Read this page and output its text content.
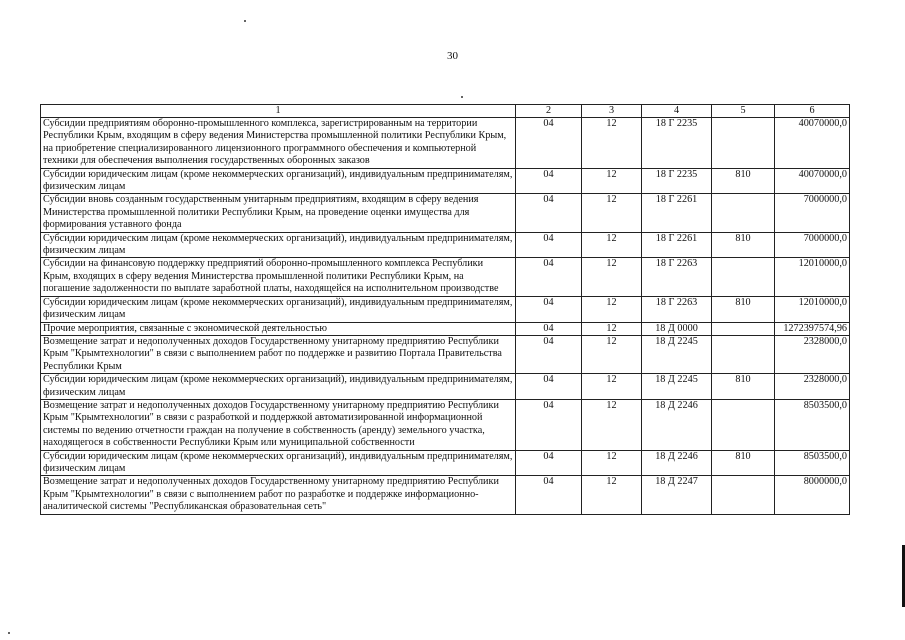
30
1	2	3	4	5	6
Субсидии предприятиям оборонно-промышленного комплекса, зарегистрированным на территории Республики Крым, входящим в сферу ведения Министерства промышленной политики Республики Крым, на приобретение специализированного лицензионного программного обеспечения и компьютерной техники для обеспечения выполнения государственных оборонных заказов	04	12	18 Г 2235		40070000,0
Субсидии юридическим лицам (кроме некоммерческих организаций), индивидуальным предпринимателям, физическим лицам	04	12	18 Г 2235	810	40070000,0
Субсидии вновь созданным государственным унитарным предприятиям, входящим в сферу ведения Министерства промышленной политики Республики Крым, на проведение оценки имущества для формирования уставного фонда	04	12	18 Г 2261		7000000,0
Субсидии юридическим лицам (кроме некоммерческих организаций), индивидуальным предпринимателям, физическим лицам	04	12	18 Г 2261	810	7000000,0
Субсидии на финансовую поддержку предприятий оборонно-промышленного комплекса Республики Крым, входящих в сферу ведения Министерства промышленной политики Республики Крым, на погашение задолженности по выплате заработной платы, находящейся на исполнительном производстве	04	12	18 Г 2263		12010000,0
Субсидии юридическим лицам (кроме некоммерческих организаций), индивидуальным предпринимателям, физическим лицам	04	12	18 Г 2263	810	12010000,0
Прочие мероприятия, связанные с экономической деятельностью	04	12	18 Д 0000		1272397574,96
Возмещение затрат и недополученных доходов Государственному унитарному предприятию Республики Крым "Крымтехнологии" в связи с выполнением работ по поддержке и развитию Портала Правительства Республики Крым	04	12	18 Д 2245		2328000,0
Субсидии юридическим лицам (кроме некоммерческих организаций), индивидуальным предпринимателям, физическим лицам	04	12	18 Д 2245	810	2328000,0
Возмещение затрат и недополученных доходов Государственному унитарному предприятию Республики Крым "Крымтехнологии" в связи с разработкой и поддержкой автоматизированной информационной системы по ведению отчетности граждан на получение в собственность (аренду) земельного участка, находящегося в собственности Республики Крым или муниципальной собственности	04	12	18 Д 2246		8503500,0
Субсидии юридическим лицам (кроме некоммерческих организаций), индивидуальным предпринимателям, физическим лицам	04	12	18 Д 2246	810	8503500,0
Возмещение затрат и недополученных доходов Государственному унитарному предприятию Республики Крым "Крымтехнологии" в связи с выполнением работ по разработке и поддержке информационно-аналитической системы "Республиканская образовательная сеть"	04	12	18 Д 2247		8000000,0
